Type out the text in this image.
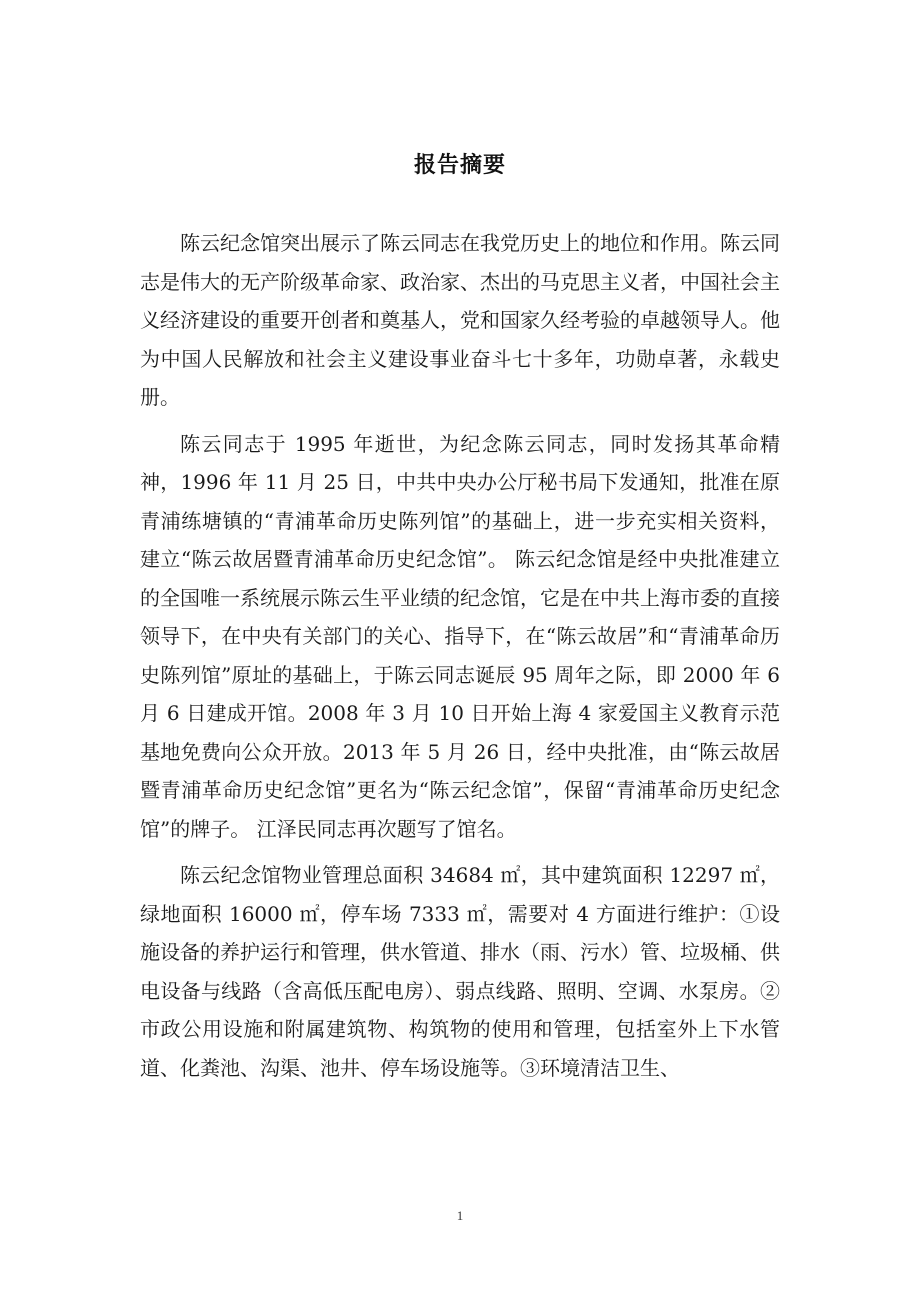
报告摘要

陈云纪念馆突出展示了陈云同志在我党历史上的地位和作用。陈云同志是伟大的无产阶级革命家、政治家、杰出的马克思主义者，中国社会主义经济建设的重要开创者和奠基人，党和国家久经考验的卓越领导人。他为中国人民解放和社会主义建设事业奋斗七十多年，功勋卓著，永载史册。

陈云同志于 1995 年逝世，为纪念陈云同志，同时发扬其革命精神，1996 年 11 月 25 日，中共中央办公厅秘书局下发通知，批准在原青浦练塘镇的“青浦革命历史陈列馆”的基础上，进一步充实相关资料，建立“陈云故居暨青浦革命历史纪念馆”。 陈云纪念馆是经中央批准建立的全国唯一系统展示陈云生平业绩的纪念馆，它是在中共上海市委的直接领导下，在中央有关部门的关心、指导下，在“陈云故居”和“青浦革命历史陈列馆”原址的基础上，于陈云同志诞辰 95 周年之际，即 2000 年 6 月 6 日建成开馆。2008 年 3 月 10 日开始上海 4 家爱国主义教育示范基地免费向公众开放。2013 年 5 月 26 日，经中央批准，由“陈云故居暨青浦革命历史纪念馆”更名为“陈云纪念馆”，保留“青浦革命历史纪念馆”的牌子。 江泽民同志再次题写了馆名。

陈云纪念馆物业管理总面积 34684 ㎡，其中建筑面积 12297 ㎡，绿地面积 16000 ㎡，停车场 7333 ㎡，需要对 4 方面进行维护：①设施设备的养护运行和管理，供水管道、排水（雨、污水）管、垃圾桶、供电设备与线路（含高低压配电房）、弱点线路、照明、空调、水泵房。②市政公用设施和附属建筑物、构筑物的使用和管理，包括室外上下水管道、化粪池、沟渠、池井、停车场设施等。③环境清洁卫生、

1
